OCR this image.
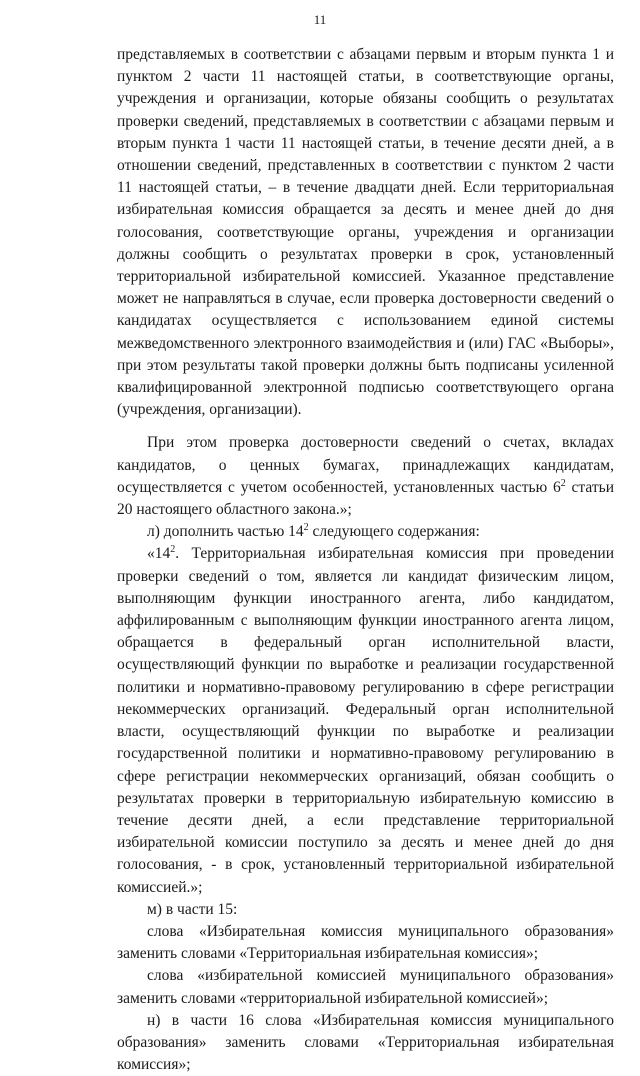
11

представляемых в соответствии с абзацами первым и вторым пункта 1 и пунктом 2 части 11 настоящей статьи, в соответствующие органы, учреждения и организации, которые обязаны сообщить о результатах проверки сведений, представляемых в соответствии с абзацами первым и вторым пункта 1 части 11 настоящей статьи, в течение десяти дней, а в отношении сведений, представленных в соответствии с пунктом 2 части 11 настоящей статьи, – в течение двадцати дней. Если территориальная избирательная комиссия обращается за десять и менее дней до дня голосования, соответствующие органы, учреждения и организации должны сообщить о результатах проверки в срок, установленный территориальной избирательной комиссией. Указанное представление может не направляться в случае, если проверка достоверности сведений о кандидатах осуществляется с использованием единой системы межведомственного электронного взаимодействия и (или) ГАС «Выборы», при этом результаты такой проверки должны быть подписаны усиленной квалифицированной электронной подписью соответствующего органа (учреждения, организации).

При этом проверка достоверности сведений о счетах, вкладах кандидатов, о ценных бумагах, принадлежащих кандидатам, осуществляется с учетом особенностей, установленных частью $6^2$ статьи 20 настоящего областного закона.»;

л) дополнить частью $14^2$ следующего содержания:

«$14^2$. Территориальная избирательная комиссия при проведении проверки сведений о том, является ли кандидат физическим лицом, выполняющим функции иностранного агента, либо кандидатом, аффилированным с выполняющим функции иностранного агента лицом, обращается в федеральный орган исполнительной власти, осуществляющий функции по выработке и реализации государственной политики и нормативно-правовому регулированию в сфере регистрации некоммерческих организаций. Федеральный орган исполнительной власти, осуществляющий функции по выработке и реализации государственной политики и нормативно-правовому регулированию в сфере регистрации некоммерческих организаций, обязан сообщить о результатах проверки в территориальную избирательную комиссию в течение десяти дней, а если представление территориальной избирательной комиссии поступило за десять и менее дней до дня голосования, - в срок, установленный территориальной избирательной комиссией.»;

м) в части 15:

слова «Избирательная комиссия муниципального образования» заменить словами «Территориальная избирательная комиссия»;

слова «избирательной комиссией муниципального образования» заменить словами «территориальной избирательной комиссией»;

н) в части 16 слова «Избирательная комиссия муниципального образования» заменить словами «Территориальная избирательная комиссия»;
